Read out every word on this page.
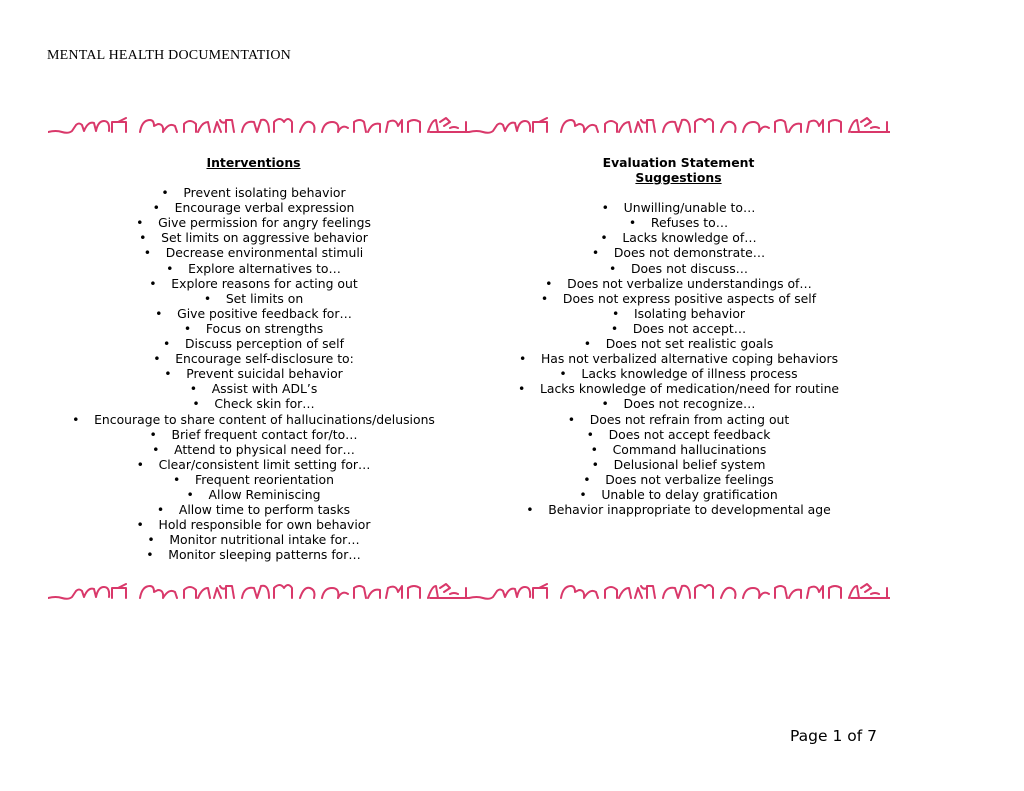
MENTAL HEALTH DOCUMENTATION
Interventions
• Prevent isolating behavior
• Encourage verbal expression
• Give permission for angry feelings
• Set limits on aggressive behavior
• Decrease environmental stimuli
• Explore alternatives to…
• Explore reasons for acting out
• Set limits on
• Give positive feedback for…
• Focus on strengths
• Discuss perception of self
• Encourage self-disclosure to:
• Prevent suicidal behavior
• Assist with ADL’s
• Check skin for…
• Encourage to share content of hallucinations/delusions
• Brief frequent contact for/to…
• Attend to physical need for…
• Clear/consistent limit setting for…
• Frequent reorientation
• Allow Reminiscing
• Allow time to perform tasks
• Hold responsible for own behavior
• Monitor nutritional intake for…
• Monitor sleeping patterns for…
Evaluation Statement
Suggestions
• Unwilling/unable to…
• Refuses to…
• Lacks knowledge of…
• Does not demonstrate…
• Does not discuss…
• Does not verbalize understandings of…
• Does not express positive aspects of self
• Isolating behavior
• Does not accept…
• Does not set realistic goals
• Has not verbalized alternative coping behaviors
• Lacks knowledge of illness process
• Lacks knowledge of medication/need for routine
• Does not recognize…
• Does not refrain from acting out
• Does not accept feedback
• Command hallucinations
• Delusional belief system
• Does not verbalize feelings
• Unable to delay gratification
• Behavior inappropriate to developmental age
Page 1 of 7
